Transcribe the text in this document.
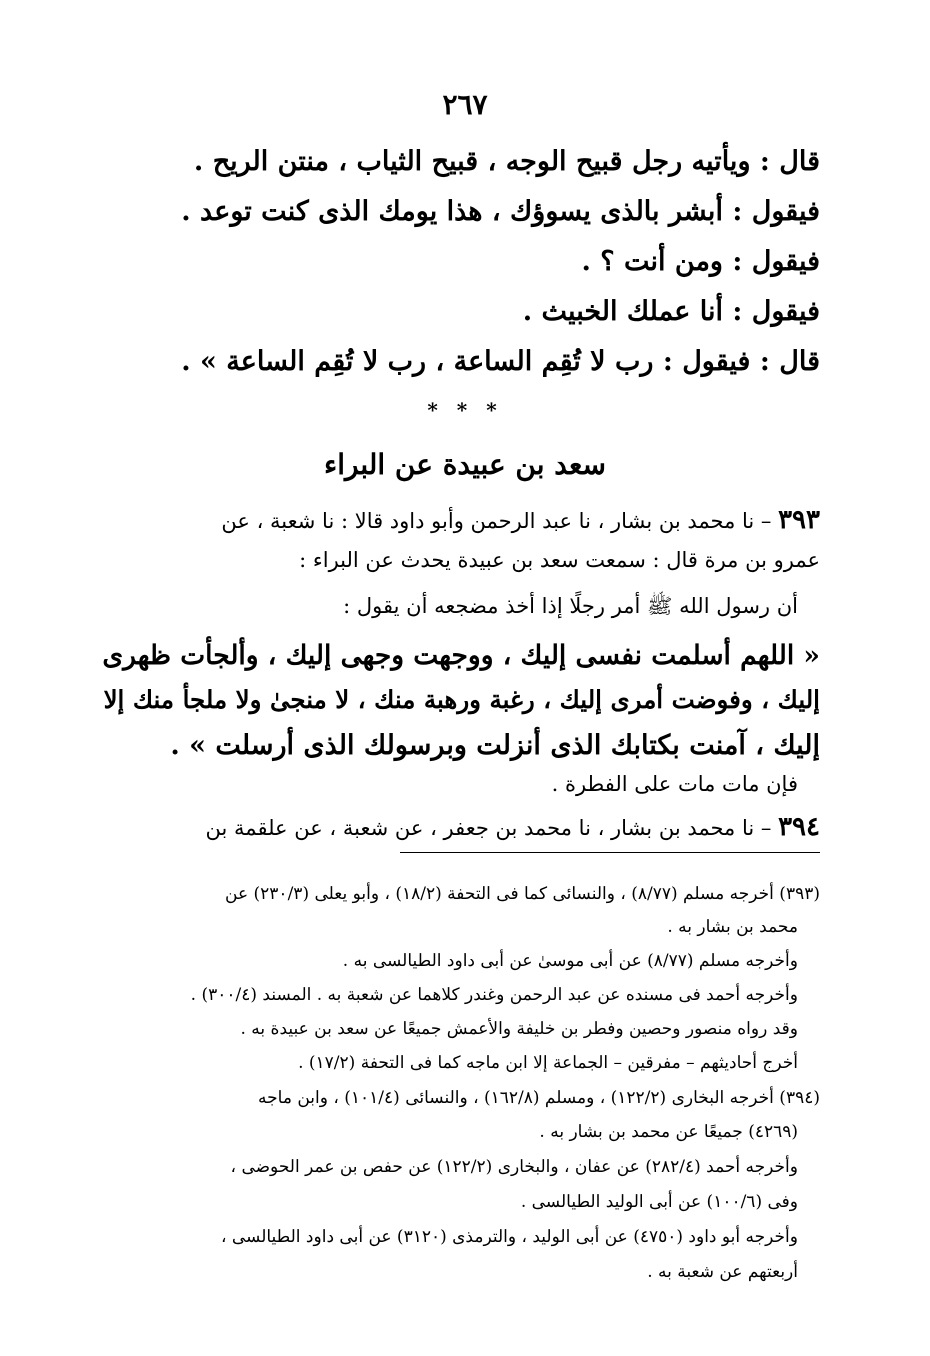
٢٦٧
قال : ويأتيه رجل قبيح الوجه ، قبيح الثياب ، منتن الريح .
فيقول : أبشر بالذى يسوؤك ، هذا يومك الذى كنت توعد .
فيقول : ومن أنت ؟ .
فيقول : أنا عملك الخبيث .
قال : فيقول : رب لا تُقِم الساعة ، رب لا تُقِم الساعة » .
* * *
سعد بن عبيدة عن البراء
٣٩٣ – نا محمد بن بشار ، نا عبد الرحمن وأبو داود قالا : نا شعبة ، عن
عمرو بن مرة قال : سمعت سعد بن عبيدة يحدث عن البراء :
أن رسول الله ﷺ أمر رجلًا إذا أخذ مضجعه أن يقول :
« اللهم أسلمت نفسى إليك ، ووجهت وجهى إليك ، وألجأت ظهرى
إليك ، وفوضت أمرى إليك ، رغبة ورهبة منك ، لا منجىٰ ولا ملجأ منك إلا
إليك ، آمنت بكتابك الذى أنزلت وبرسولك الذى أرسلت » .
فإن مات مات على الفطرة .
٣٩٤ – نا محمد بن بشار ، نا محمد بن جعفر ، عن شعبة ، عن علقمة بن
(٣٩٣) أخرجه مسلم (٨/٧٧) ، والنسائى كما فى التحفة (١٨/٢) ، وأبو يعلى (٢٣٠/٣) عن
محمد بن بشار به .
وأخرجه مسلم (٨/٧٧) عن أبى موسىٰ عن أبى داود الطيالسى به .
وأخرجه أحمد فى مسنده عن عبد الرحمن وغندر كلاهما عن شعبة به . المسند (٣٠٠/٤) .
وقد رواه منصور وحصين وفطر بن خليفة والأعمش جميعًا عن سعد بن عبيدة به .
أخرج أحاديثهم – مفرقين – الجماعة إلا ابن ماجه كما فى التحفة (١٧/٢) .
(٣٩٤) أخرجه البخارى (١٢٢/٢) ، ومسلم (١٦٢/٨) ، والنسائى (١٠١/٤) ، وابن ماجه
(٤٢٦٩) جميعًا عن محمد بن بشار به .
وأخرجه أحمد (٢٨٢/٤) عن عفان ، والبخارى (١٢٢/٢) عن حفص بن عمر الحوضى ،
وفى (١٠٠/٦) عن أبى الوليد الطيالسى .
وأخرجه أبو داود (٤٧٥٠) عن أبى الوليد ، والترمذى (٣١٢٠) عن أبى داود الطيالسى ،
أربعتهم عن شعبة به .
